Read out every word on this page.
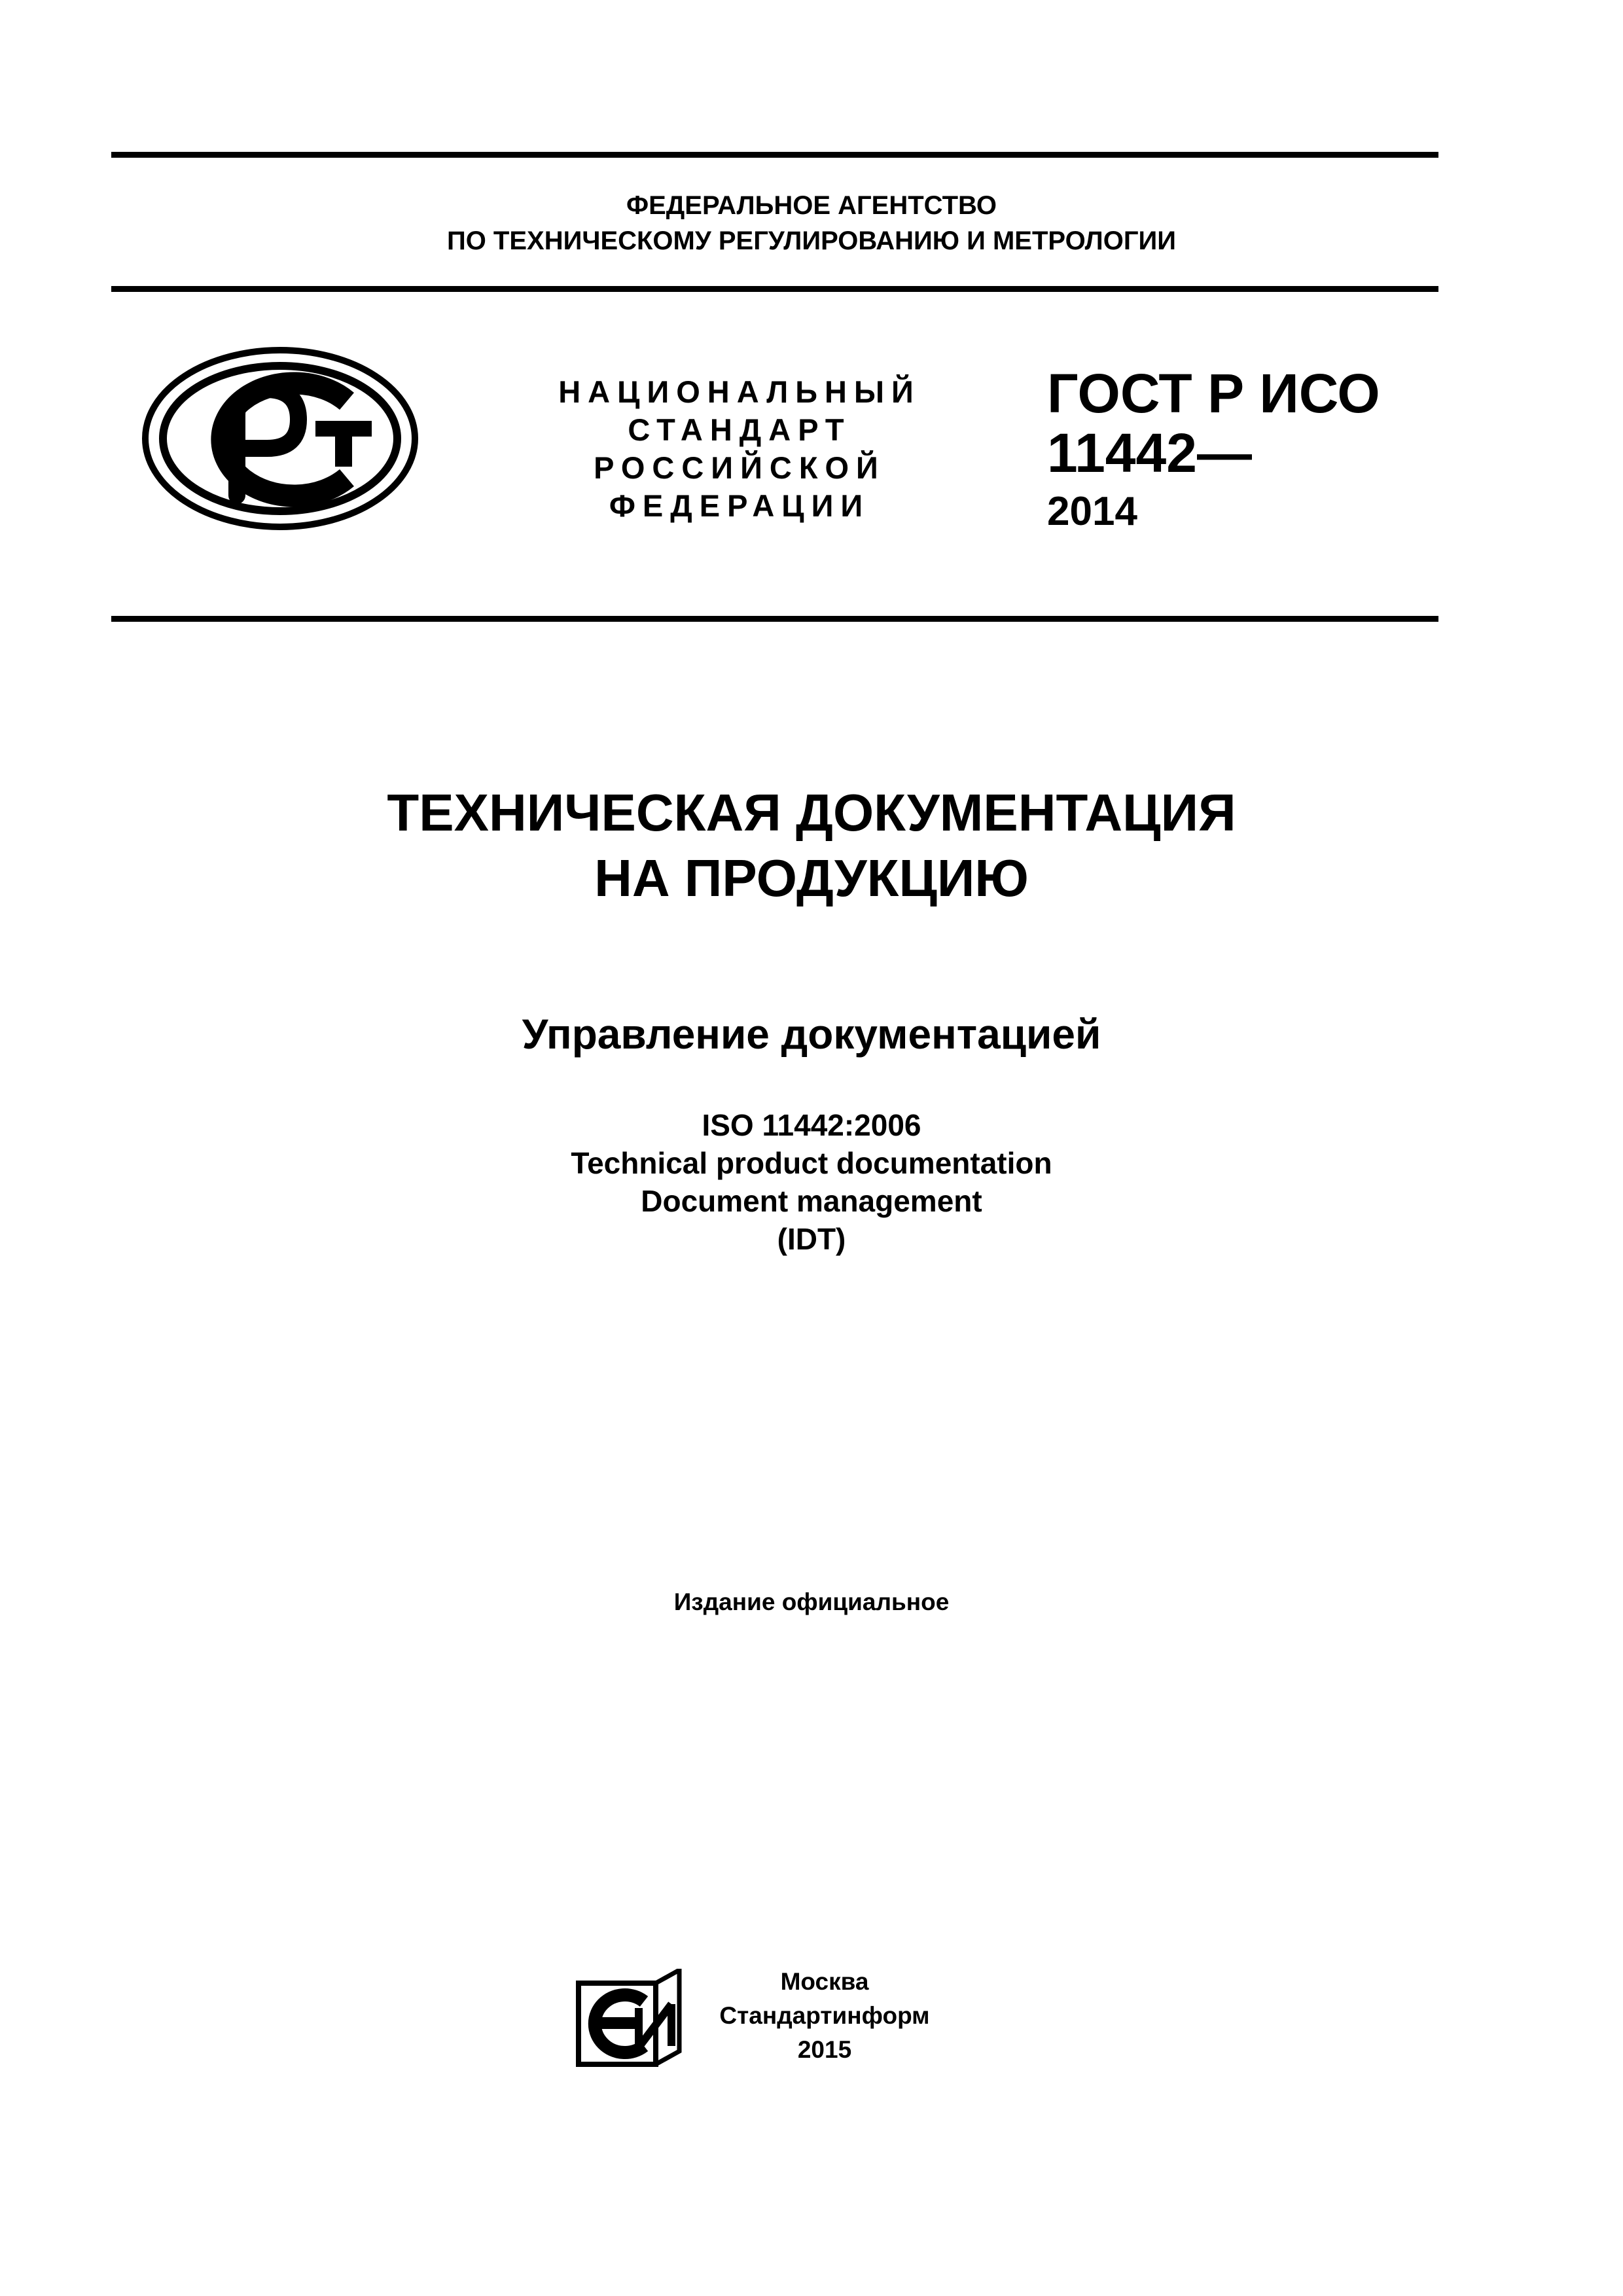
ФЕДЕРАЛЬНОЕ АГЕНТСТВО
ПО ТЕХНИЧЕСКОМУ РЕГУЛИРОВАНИЮ И МЕТРОЛОГИИ
НАЦИОНАЛЬНЫЙ
СТАНДАРТ
РОССИЙСКОЙ
ФЕДЕРАЦИИ
ГОСТ Р ИСО
11442—
2014
ТЕХНИЧЕСКАЯ ДОКУМЕНТАЦИЯ
НА ПРОДУКЦИЮ
Управление документацией
ISO 11442:2006
Technical product documentation
Document management
(IDT)
Издание официальное
Москва
Стандартинформ
2015
